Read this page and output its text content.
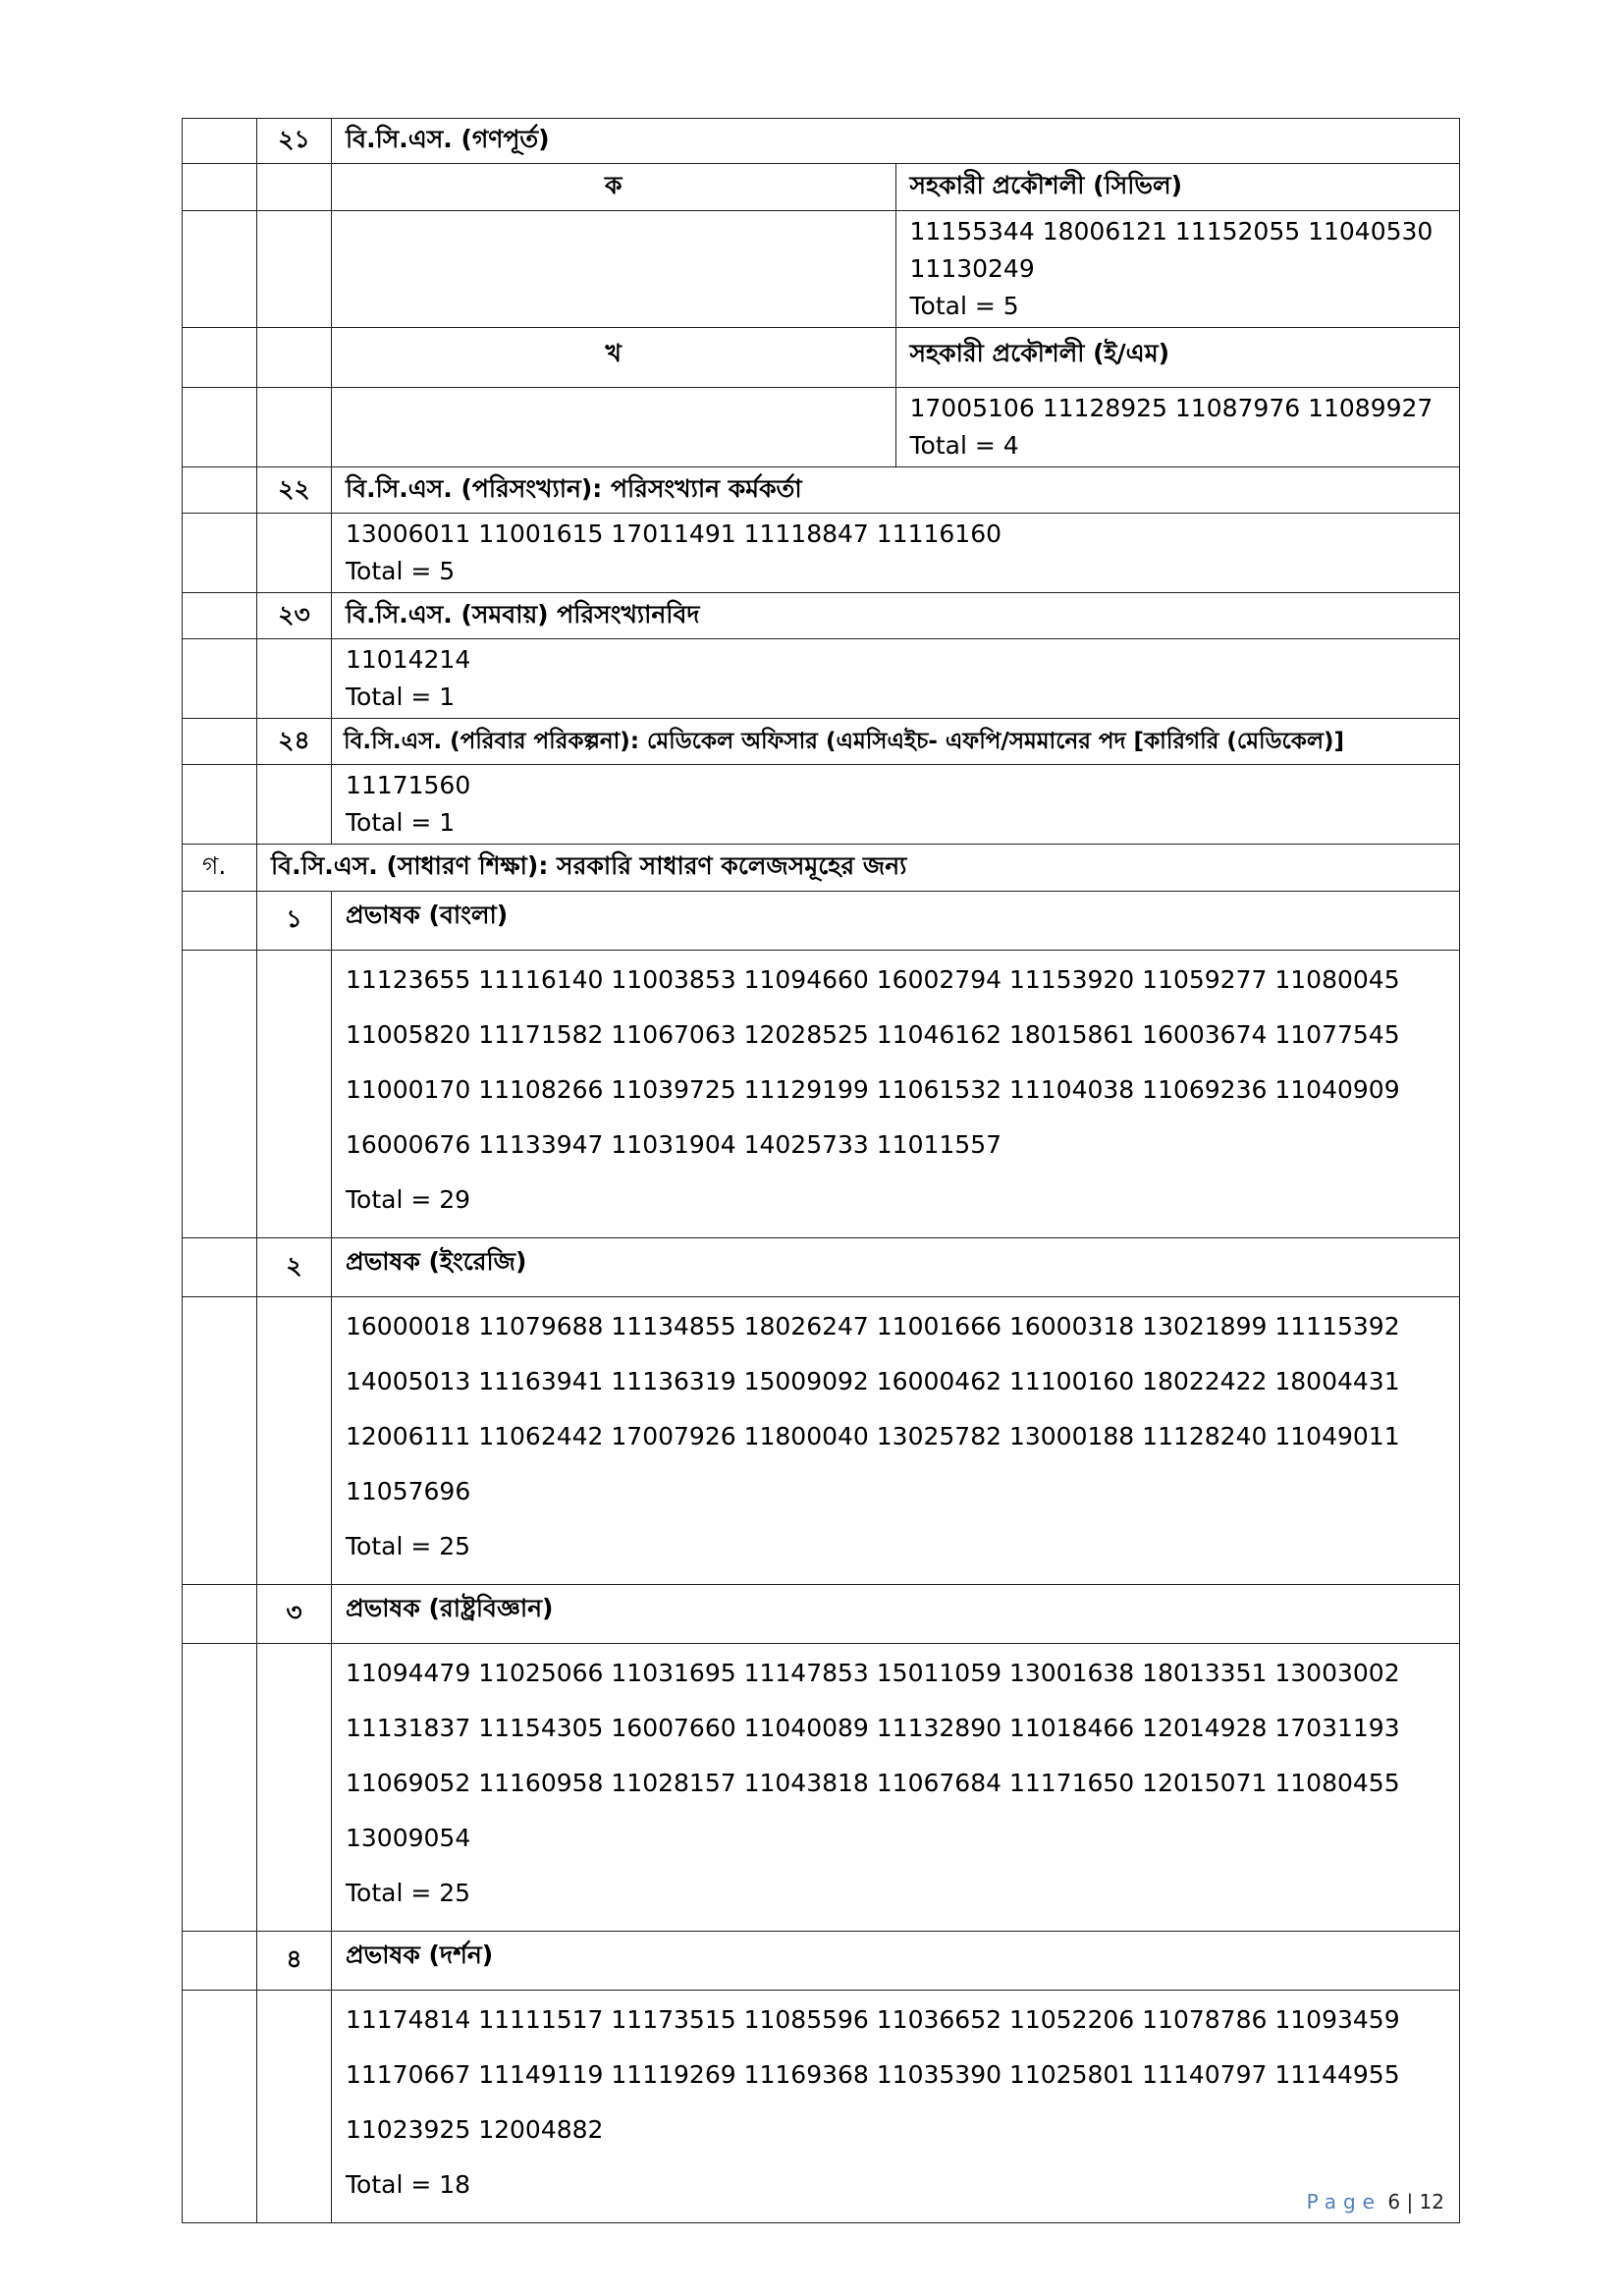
	২১	বি.সি.এস. (গণপূর্ত)	
		ক	সহকারী প্রকৌশলী (সিভিল)

			11155344 18006121 11152055 11040530 11130249
Total = 5

		খ	সহকারী প্রকৌশলী (ই/এম)

			17005106 11128925 11087976 11089927
Total = 4

	২২	বি.সি.এস. (পরিসংখ্যান): পরিসংখ্যান কর্মকর্তা	

		13006011 11001615 17011491 11118847 11116160
Total = 5	

	২৩	বি.সি.এস. (সমবায়) পরিসংখ্যানবিদ	

		11014214
Total = 1	

	২৪	বি.সি.এস. (পরিবার পরিকল্পনা): মেডিকেল অফিসার (এমসিএইচ- এফপি/সমমানের পদ [কারিগরি (মেডিকেল)]	

		11171560
Total = 1	

গ.	বি.সি.এস. (সাধারণ শিক্ষা): সরকারি সাধারণ কলেজসমূহের জন্য		
	১	প্রভাষক (বাংলা)	

		11123655 11116140 11003853 11094660 16002794 11153920 11059277 11080045
11005820 11171582 11067063 12028525 11046162 18015861 16003674 11077545
11000170 11108266 11039725 11129199 11061532 11104038 11069236 11040909
16000676 11133947 11031904 14025733 11011557
Total = 29	

	২	প্রভাষক (ইংরেজি)	

		16000018 11079688 11134855 18026247 11001666 16000318 13021899 11115392
14005013 11163941 11136319 15009092 16000462 11100160 18022422 18004431
12006111 11062442 17007926 11800040 13025782 13000188 11128240 11049011
11057696
Total = 25	

	৩	প্রভাষক (রাষ্ট্রবিজ্ঞান)	

		11094479 11025066 11031695 11147853 15011059 13001638 18013351 13003002
11131837 11154305 16007660 11040089 11132890 11018466 12014928 17031193
11069052 11160958 11028157 11043818 11067684 11171650 12015071 11080455
13009054
Total = 25	

	৪	প্রভাষক (দর্শন)	

		11174814 11111517 11173515 11085596 11036652 11052206 11078786 11093459
11170667 11149119 11119269 11169368 11035390 11025801 11140797 11144955
11023925 12004882
Total = 18	
Page 6 | 12
